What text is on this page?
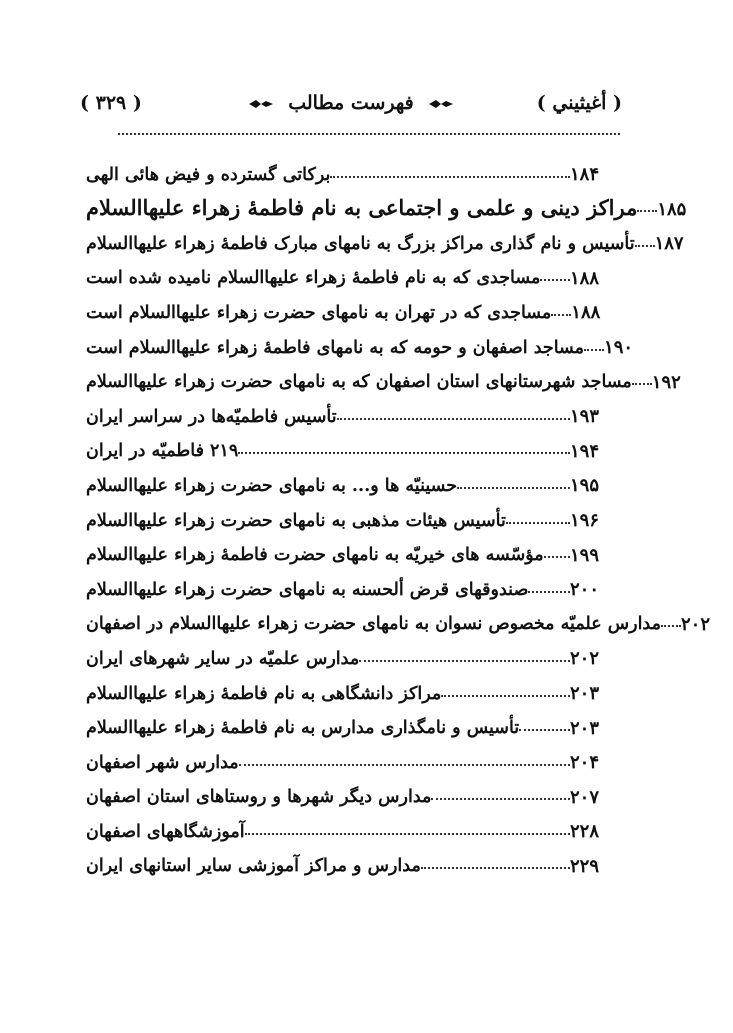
( أغيثيني )
فهرست مطالب
( ۳۲۹ )
برکاتی گسترده و فیض هائی الهی	۱۸۴
مراکز دینی و علمی و اجتماعی به نام فاطمهٔ زهراء علیهاالسلام ۱۸۵
تأسیس و نام گذاری مراکز بزرگ به نامهای مبارک فاطمهٔ زهراء علیهاالسلام ۱۸۷
مساجدی که به نام فاطمهٔ زهراء علیهاالسلام نامیده شده است ۱۸۸
مساجدی که در تهران به نامهای حضرت زهراء علیهاالسلام است ۱۸۸
مساجد اصفهان و حومه که به نامهای فاطمهٔ زهراء علیهاالسلام است ۱۹۰
مساجد شهرستانهای استان اصفهان که به نامهای حضرت زهراء علیهاالسلام ۱۹۲
تأسیس فاطمیّه‌ها در سراسر ایران	۱۹۳
۲۱۹ فاطمیّه در ایران	۱۹۴
حسینیّه ها و... به نامهای حضرت زهراء علیهاالسلام	۱۹۵
تأسیس هیئات مذهبی به نامهای حضرت زهراء علیهاالسلام	۱۹۶
مؤسّسه های خیریّه به نامهای حضرت فاطمهٔ زهراء علیهاالسلام ۱۹۹
صندوقهای قرض ألحسنه به نامهای حضرت زهراء علیهاالسلام ۲۰۰
مدارس علمیّه مخصوص نسوان به نامهای حضرت زهراء علیهاالسلام در اصفهان ۲۰۲
مدارس علمیّه در سایر شهرهای ایران	۲۰۲
مراکز دانشگاهی به نام فاطمهٔ زهراء علیهاالسلام	۲۰۳
تأسیس و نامگذاری مدارس به نام فاطمهٔ زهراء علیهاالسلام	۲۰۳
مدارس شهر اصفهان	۲۰۴
مدارس دیگر شهرها و روستاهای استان اصفهان	۲۰۷
آموزشگاههای اصفهان	۲۲۸
مدارس و مراکز آموزشی سایر استانهای ایران	۲۲۹
